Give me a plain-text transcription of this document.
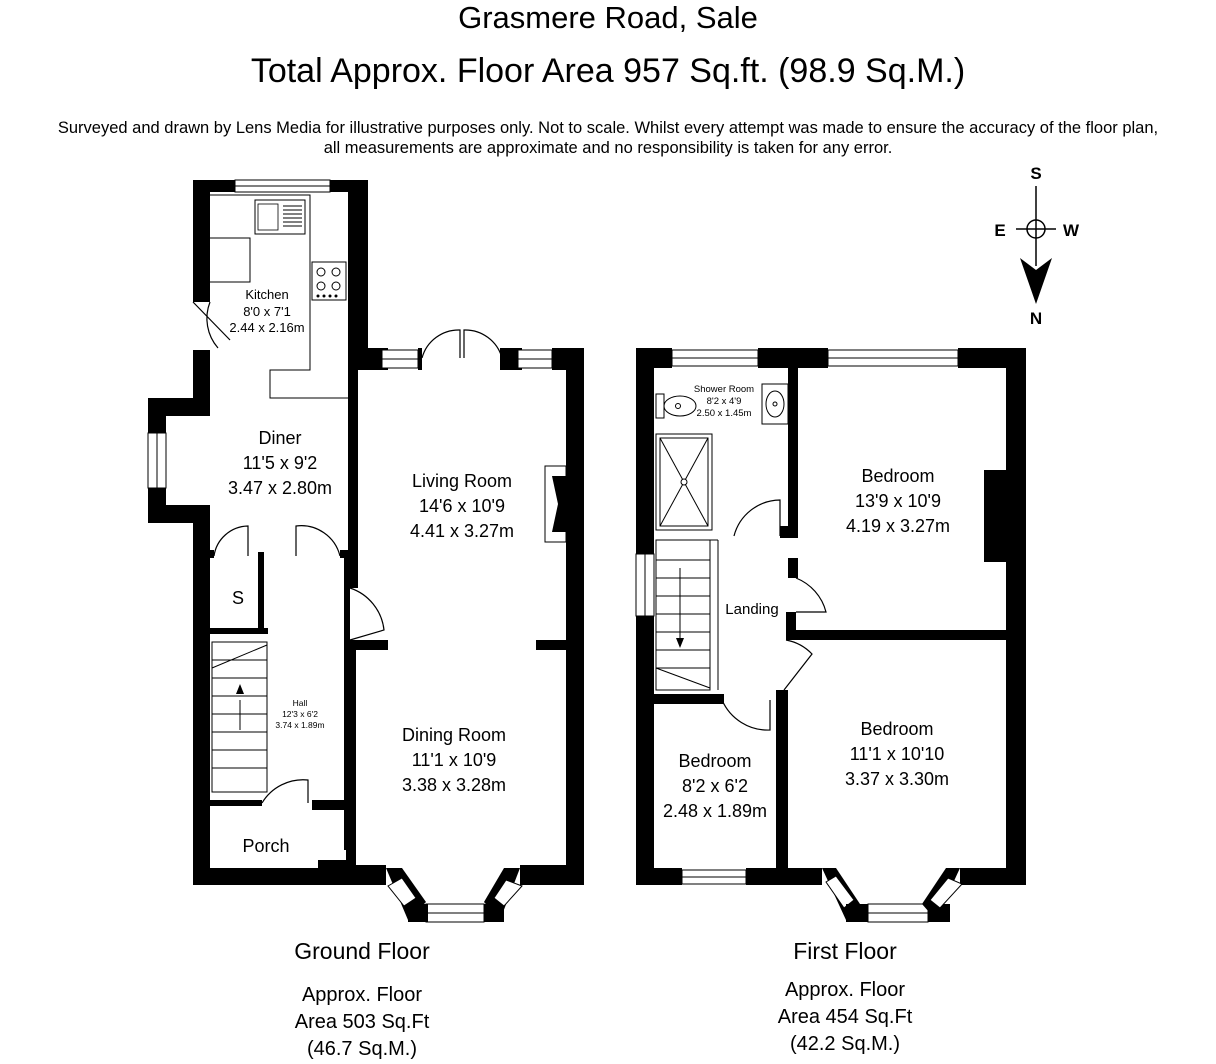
Grasmere Road, Sale
Total Approx. Floor Area 957 Sq.ft. (98.9 Sq.M.)
Surveyed and drawn by Lens Media for illustrative purposes only. Not to scale. Whilst every attempt was made to ensure the accuracy of the floor plan,
all measurements are approximate and no responsibility is taken for any error.
Kitchen
8'0 x 7'1
2.44 x 2.16m
Diner
11'5 x 9'2
3.47 x 2.80m	Living Room
14'6 x 10'9
4.41 x 3.27m
Dining Room
11'1 x 10'9
3.38 x 3.28m
Hall
12'3 x 6'2
3.74 x 1.89m
S
Porch
Shower Room
8'2 x 4'9
2.50 x 1.45m
Bedroom
13'9 x 10'9
4.19 x 3.27m
Landing
Bedroom
8'2 x 6'2
2.48 x 1.89m
Bedroom
11'1 x 10'10
3.37 x 3.30m
S
E	W
N
Ground Floor
Approx. Floor
Area 503 Sq.Ft
(46.7 Sq.M.)
First Floor
Approx. Floor
Area 454 Sq.Ft
(42.2 Sq.M.)
